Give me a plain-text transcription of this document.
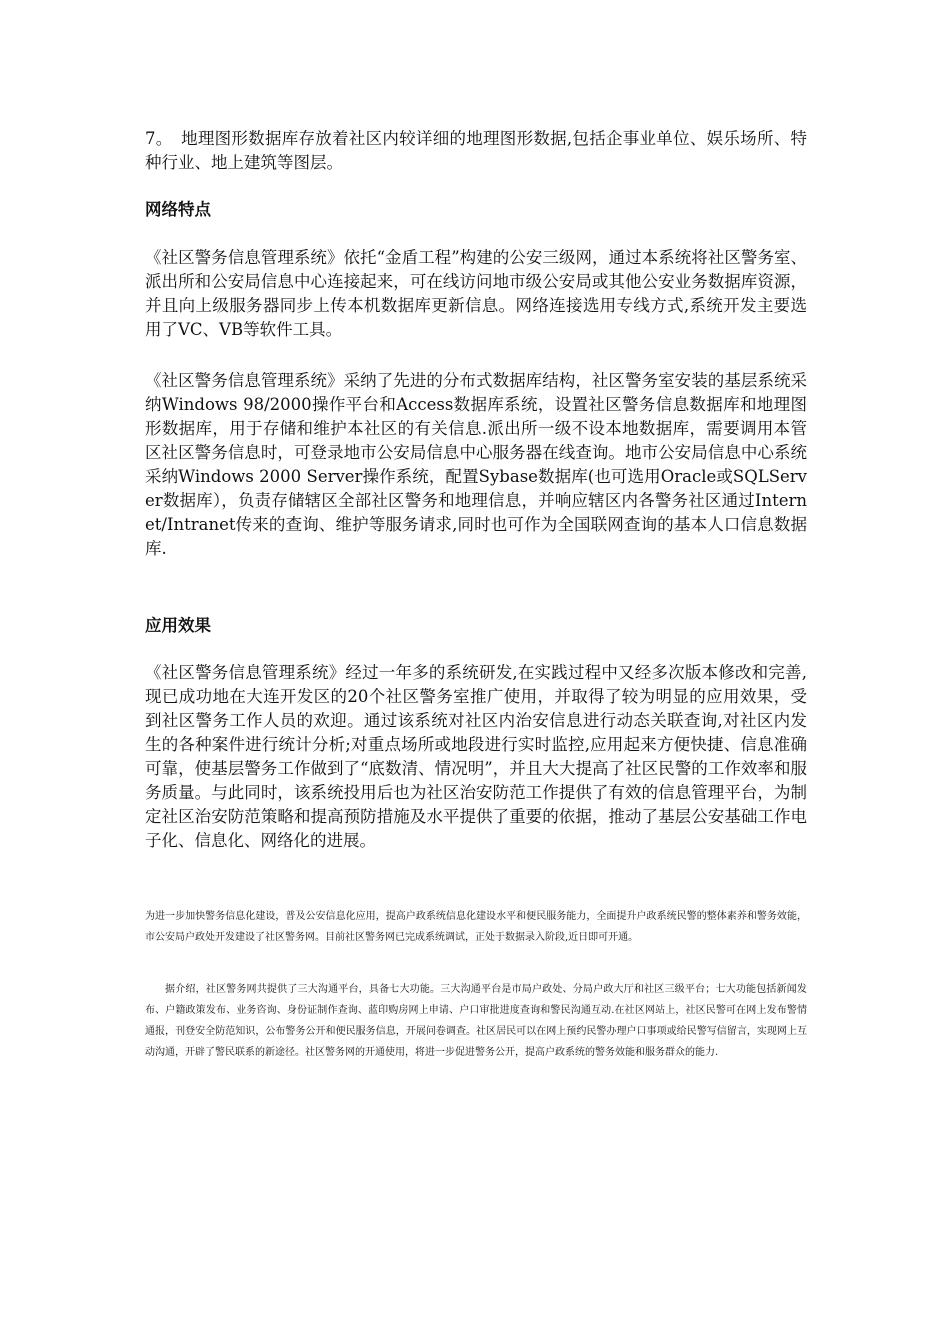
7。　地理图形数据库存放着社区内较详细的地理图形数据,包括企事业单位、娱乐场所、特种行业、地上建筑等图层。

网络特点

《社区警务信息管理系统》依托“金盾工程”构建的公安三级网，通过本系统将社区警务室、派出所和公安局信息中心连接起来，可在线访问地市级公安局或其他公安业务数据库资源，并且向上级服务器同步上传本机数据库更新信息。网络连接选用专线方式,系统开发主要选用了VC、VB等软件工具。

《社区警务信息管理系统》采纳了先进的分布式数据库结构，社区警务室安装的基层系统采纳Windows 98/2000操作平台和Access数据库系统，设置社区警务信息数据库和地理图形数据库，用于存储和维护本社区的有关信息.派出所一级不设本地数据库，需要调用本管区社区警务信息时，可登录地市公安局信息中心服务器在线查询。地市公安局信息中心系统采纳Windows 2000 Server操作系统，配置Sybase数据库(也可选用Oracle或SQLServer数据库），负责存储辖区全部社区警务和地理信息，并响应辖区内各警务社区通过Internet/Intranet传来的查询、维护等服务请求,同时也可作为全国联网查询的基本人口信息数据库.

应用效果

《社区警务信息管理系统》经过一年多的系统研发,在实践过程中又经多次版本修改和完善,现已成功地在大连开发区的20个社区警务室推广使用，并取得了较为明显的应用效果，受到社区警务工作人员的欢迎。通过该系统对社区内治安信息进行动态关联查询,对社区内发生的各种案件进行统计分析;对重点场所或地段进行实时监控,应用起来方便快捷、信息准确可靠，使基层警务工作做到了“底数清、情况明”，并且大大提高了社区民警的工作效率和服务质量。与此同时，该系统投用后也为社区治安防范工作提供了有效的信息管理平台，为制定社区治安防范策略和提高预防措施及水平提供了重要的依据，推动了基层公安基础工作电子化、信息化、网络化的进展。

为进一步加快警务信息化建设，普及公安信息化应用，提高户政系统信息化建设水平和便民服务能力，全面提升户政系统民警的整体素养和警务效能，市公安局户政处开发建设了社区警务网。目前社区警务网已完成系统调试，正处于数据录入阶段,近日即可开通。

据介绍，社区警务网共提供了三大沟通平台，具备七大功能。三大沟通平台是市局户政处、分局户政大厅和社区三级平台；七大功能包括新闻发布、户籍政策发布、业务咨询、身份证制作查询、蓝印购房网上申请、户口审批进度查询和警民沟通互动.在社区网站上，社区民警可在网上发布警情通报，刊登安全防范知识，公布警务公开和便民服务信息，开展问卷调查。社区居民可以在网上预约民警办理户口事项或给民警写信留言，实现网上互动沟通，开辟了警民联系的新途径。社区警务网的开通使用，将进一步促进警务公开，提高户政系统的警务效能和服务群众的能力.
